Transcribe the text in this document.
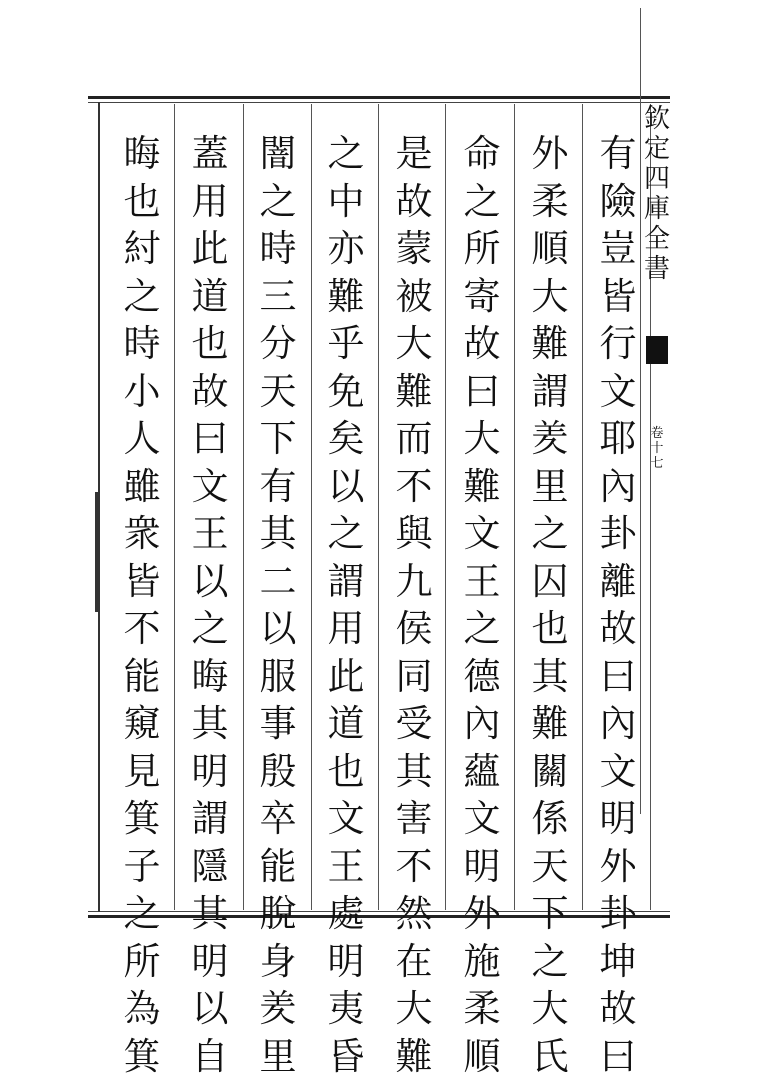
欽
定
四
庫
全
書
卷
十
七
有
險
豈
皆
行
文
耶
內
卦
離
故
曰
內
文
明
外
卦
坤
故
曰
外
柔
順
大
難
謂
羑
里
之
囚
也
其
難
關
係
天
下
之
大
氏
命
之
所
寄
故
曰
大
難
文
王
之
德
內
蘊
文
明
外
施
柔
順
是
故
蒙
被
大
難
而
不
與
九
侯
同
受
其
害
不
然
在
大
難
之
中
亦
難
乎
免
矣
以
之
謂
用
此
道
也
文
王
處
明
夷
昏
闇
之
時
三
分
天
下
有
其
二
以
服
事
殷
卒
能
脫
身
羑
里
蓋
用
此
道
也
故
曰
文
王
以
之
晦
其
明
謂
隱
其
明
以
自
晦
也
紂
之
時
小
人
雖
衆
皆
不
能
窺
見
箕
子
之
所
為
箕
